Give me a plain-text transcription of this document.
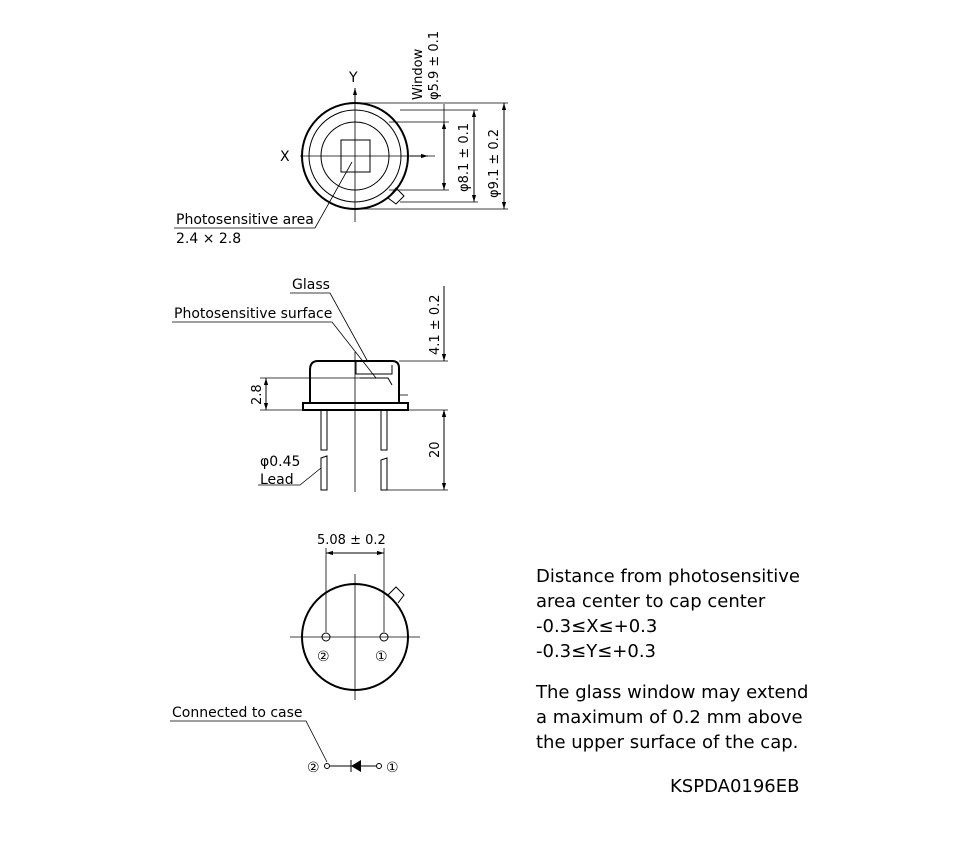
Y
X
Window φ5.9 ± 0.1
φ8.1 ± 0.1 φ9.1 ± 0.2
Photosensitive area
2.4 × 2.8
4.1 ± 0.2
20
2.8
Glass
Photosensitive surface
φ0.45
Lead
5.08 ± 0.2
②	①
Connected to case
②	①
Distance from photosensitive
area center to cap center
-0.3≤X≤+0.3
-0.3≤Y≤+0.3
The glass window may extend
a maximum of 0.2 mm above
the upper surface of the cap.
KSPDA0196EB
